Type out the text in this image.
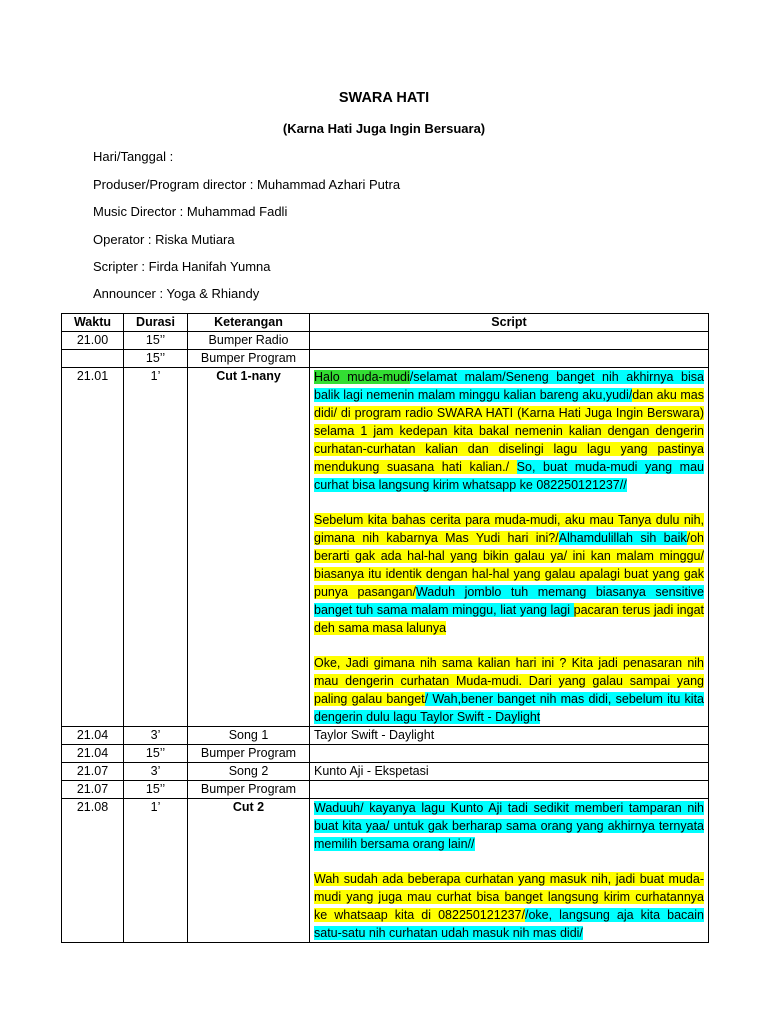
SWARA HATI
(Karna Hati Juga Ingin Bersuara)
Hari/Tanggal :
Produser/Program director : Muhammad Azhari Putra
Music Director : Muhammad Fadli
Operator : Riska Mutiara
Scripter : Firda Hanifah Yumna
Announcer : Yoga & Rhiandy
Waktu	Durasi	Keterangan	Script
21.00	15’’	Bumper Radio	
	15’’	Bumper Program	
21.01	1’	Cut 1-nany	Halo muda-mudi/selamat malam/Seneng banget nih akhirnya bisa balik lagi nemenin malam minggu kalian bareng aku,yudi/dan aku mas didi/ di program radio SWARA HATI (Karna Hati Juga Ingin Berswara) selama 1 jam kedepan kita bakal nemenin kalian dengan dengerin curhatan-curhatan kalian dan diselingi lagu lagu yang pastinya mendukung suasana hati kalian./ So, buat muda-mudi yang mau curhat bisa langsung kirim whatsapp ke 082250121237//

Sebelum kita bahas cerita para muda-mudi, aku mau Tanya dulu nih, gimana nih kabarnya Mas Yudi hari ini?/Alhamdulillah sih baik/oh berarti gak ada hal-hal yang bikin galau ya/ ini kan malam minggu/ biasanya itu identik dengan hal-hal yang galau apalagi buat yang gak punya pasangan/Waduh jomblo tuh memang biasanya sensitive banget tuh sama malam minggu, liat yang lagi pacaran terus jadi ingat deh sama masa lalunya

Oke, Jadi gimana nih sama kalian hari ini ? Kita jadi penasaran nih mau dengerin curhatan Muda-mudi. Dari yang galau sampai yang paling galau banget/ Wah,bener banget nih mas didi, sebelum itu kita dengerin dulu lagu Taylor Swift - Daylight

21.04	3’	Song 1	Taylor Swift - Daylight
21.04	15’’	Bumper Program	
21.07	3’	Song 2	Kunto Aji - Ekspetasi
21.07	15’’	Bumper Program	
21.08	1’	Cut 2	Waduuh/ kayanya lagu Kunto Aji tadi sedikit memberi tamparan nih buat kita yaa/ untuk gak berharap sama orang yang akhirnya ternyata memilih bersama orang lain//

Wah sudah ada beberapa curhatan yang masuk nih, jadi buat muda-mudi yang juga mau curhat bisa banget langsung kirim curhatannya ke whatsaap kita di 082250121237//oke, langsung aja kita bacain satu-satu nih curhatan udah masuk nih mas didi/
